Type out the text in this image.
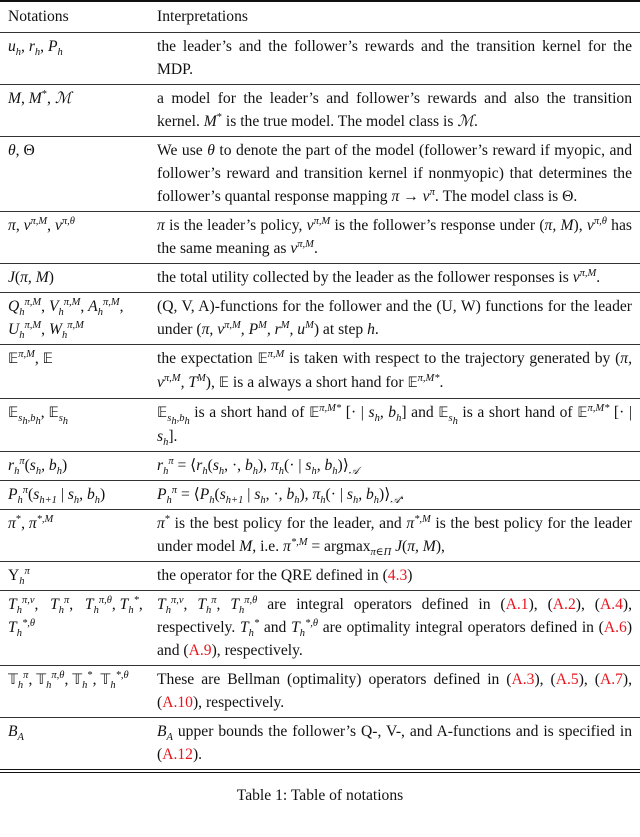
Notations	Interpretations
$u_h$, $r_h$, $P_h$	the leader’s and the follower’s rewards and the transition kernel for the MDP.
M, M*, ℳ	a model for the leader’s and follower’s rewards and also the transition kernel. M* is the true model. The model class is ℳ.
θ, Θ	We use θ to denote the part of the model (follower’s reward if myopic, and follower’s reward and transition kernel if nonmyopic) that determines the follower’s quantal response mapping $\pi \to \nu^\pi$. The model class is Θ.
π, $\nu^{\pi,M}$, $\nu^{\pi,\theta}$	π is the leader’s policy, $\nu^{\pi,M}$ is the follower’s response under (π, M), $\nu^{\pi,\theta}$ has the same meaning as $\nu^{\pi,M}$.
J(π, M)	the total utility collected by the leader as the follower responses is $\nu^{\pi,M}$.
$Q_h^{\pi,M}$, $V_h^{\pi,M}$, $A_h^{\pi,M}$, $U_h^{\pi,M}$, $W_h^{\pi,M}$	(Q, V, A)-functions for the follower and the (U, W) functions for the leader under (π, $\nu^{\pi,M}$, $P^M$, $r^M$, $u^M$) at step h.
𝔼$^{\pi,M}$, 𝔼	the expectation 𝔼$^{\pi,M}$ is taken with respect to the trajectory generated by (π, $\nu^{\pi,M}$, $T^M$), 𝔼 is a always a short hand for 𝔼$^{\pi,M*}$.
𝔼$_{s_h,b_h}$, 𝔼$_{s_h}$	𝔼$_{s_h,b_h}$ is a short hand of 𝔼$^{\pi,M*}$ [· | $s_h$, $b_h$] and 𝔼$_{s_h}$ is a short hand of 𝔼$^{\pi,M*}$ [· | $s_h$].
$r_h^\pi(s_h$, $b_h$)	$r_h^\pi$ = $⟨r_h(s_h$, ·, $b_h$), $\pi_h(\cdot$ | $s_h$, $b_h)⟩_𝒜$
$P_h^\pi(s_{h+1}$ | $s_h$, $b_h$)	$P_h^\pi$ = $⟨P_h(s_{h+1}$ | $s_h$, ·, $b_h$), $\pi_h(\cdot$ | $s_h$, $b_h)⟩_𝒜$.
π*, $\pi^{*,M}$	π* is the best policy for the leader, and $\pi^{*,M}$ is the best policy for the leader under model M, i.e. $\pi^{*,M} = argmax_{\pi\in\Pi}$ J(π, M),
$\Upsilon_h^\pi$	the operator for the QRE defined in (4.3)
$T_h^{\pi,\nu}$,   $T_h^\pi$,   $T_h^{\pi,\theta}$, $T_h^*$, $T_h^{*,\theta}$	$T_h^{\pi,\nu}$, $T_h^\pi$, $T_h^{\pi,\theta}$ are integral operators defined in (A.1), (A.2), (A.4), respectively. $T_h^*$ and $T_h^{*,\theta}$ are optimality integral operators defined in (A.6) and (A.9), respectively.
𝕋$_h^\pi$, 𝕋$_h^{\pi,\theta}$, 𝕋$_h$*, 𝕋$_h^{*,\theta}$	These are Bellman (optimality) operators defined in (A.3), (A.5), (A.7), (A.10), respectively.
$B_A$	$B_A$ upper bounds the follower’s Q-, V-, and A-functions and is specified in (A.12).
Table 1: Table of notations
